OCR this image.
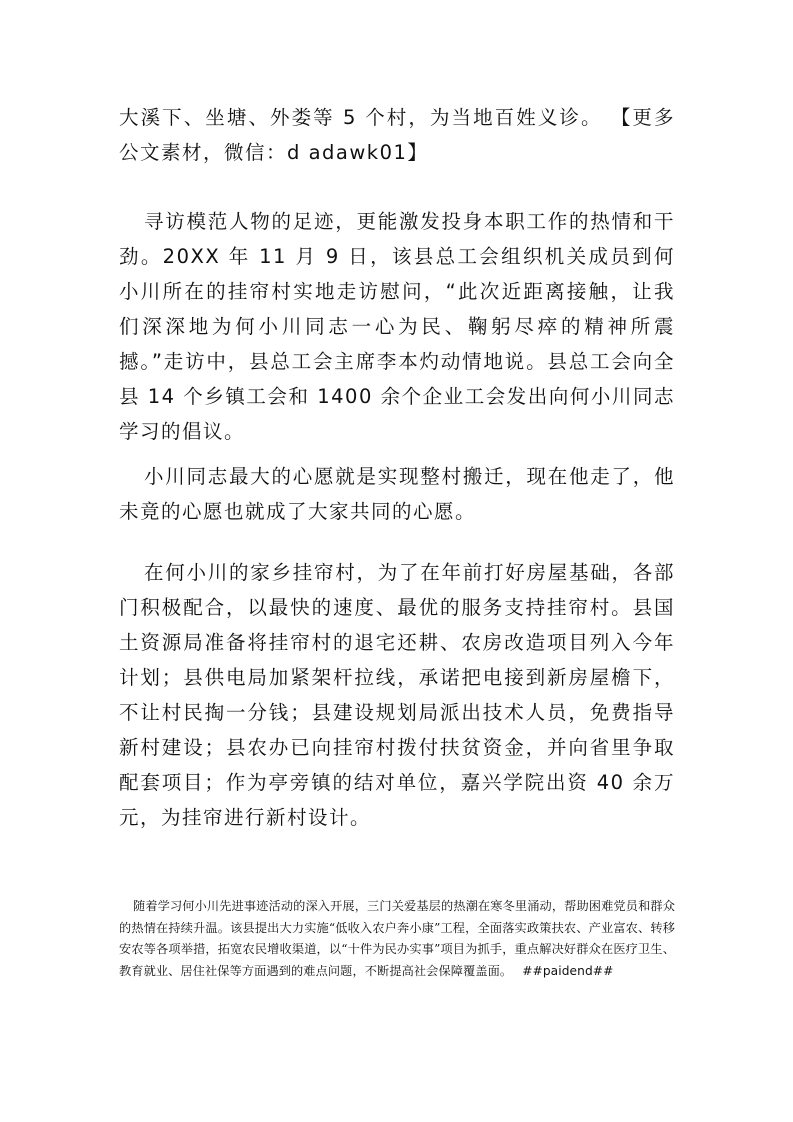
大溪下、坐塘、外娄等 5 个村，为当地百姓义诊。 【更多公文素材，微信：d adawk01】

寻访模范人物的足迹，更能激发投身本职工作的热情和干劲。20XX 年 11 月 9 日，该县总工会组织机关成员到何小川所在的挂帘村实地走访慰问，“此次近距离接触，让我们深深地为何小川同志一心为民、鞠躬尽瘁的精神所震撼。”走访中，县总工会主席李本灼动情地说。县总工会向全县 14 个乡镇工会和 1400 余个企业工会发出向何小川同志学习的倡议。

小川同志最大的心愿就是实现整村搬迁，现在他走了，他未竟的心愿也就成了大家共同的心愿。

在何小川的家乡挂帘村，为了在年前打好房屋基础，各部门积极配合，以最快的速度、最优的服务支持挂帘村。县国土资源局准备将挂帘村的退宅还耕、农房改造项目列入今年计划；县供电局加紧架杆拉线，承诺把电接到新房屋檐下，不让村民掏一分钱；县建设规划局派出技术人员，免费指导新村建设；县农办已向挂帘村拨付扶贫资金，并向省里争取配套项目；作为亭旁镇的结对单位，嘉兴学院出资 40 余万元，为挂帘进行新村设计。

随着学习何小川先进事迹活动的深入开展，三门关爱基层的热潮在寒冬里涌动，帮助困难党员和群众的热情在持续升温。该县提出大力实施“低收入农户奔小康”工程，全面落实政策扶农、产业富农、转移安农等各项举措，拓宽农民增收渠道，以“十件为民办实事”项目为抓手，重点解决好群众在医疗卫生、教育就业、居住社保等方面遇到的难点问题，不断提高社会保障覆盖面。 ##paidend##
